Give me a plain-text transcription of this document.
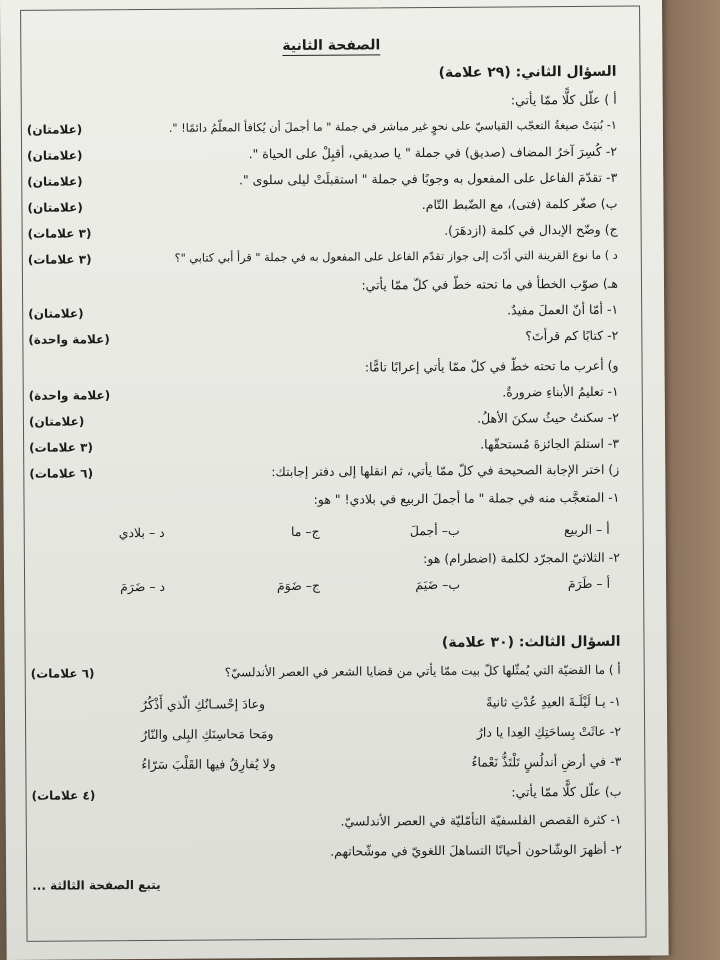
الصفحة الثانية
السؤال الثاني: (٢٩ علامة)
أ ) علّل كلًّا ممّا يأتي:
١- بُنيَتْ صيغةُ التعجّب القياسيّ على نحوٍ غير مباشر في جملة " ما أجملَ أن يُكافأ المعلّمُ دائمًا! ".
(علامتان)
٢- كُسِرَ آخرُ المضاف (صديق) في جملة " يا صديقي، أقبِلْ على الحياة ".
(علامتان)
٣- تقدّمَ الفاعل على المفعول به وجوبًا في جملة " استقبلَتْ ليلى سلوى ".
(علامتان)
ب) صغّر كلمة (فتى)، مع الضّبط التّام.
(علامتان)
ج) وضّح الإبدال في كلمة (ازدهَرَ).
(٣ علامات)
د ) ما نوع القرينة التي أدّت إلى جواز تقدّم الفاعل على المفعول به في جملة " قرأ أبي كتابي "؟
(٣ علامات)
هـ) صوّب الخطأ في ما تحته خطّ في كلّ ممّا يأتي:
١- أمّا أنّ العملَ مفيدٌ.
(علامتان)
٢- كتابًا كم قرأتَ؟
(علامة واحدة)
و) أعرب ما تحته خطّ في كلّ ممّا يأتي إعرابًا تامًّا:
١- تعليمُ الأبناءِ ضرورةٌ.
(علامة واحدة)
٢- سكنتُ حيثُ سكنَ الأهلُ.
(علامتان)
٣- استلمَ الجائزةَ مُستحقّها.
(٣ علامات)
ز) اختر الإجابة الصحيحة في كلّ ممّا يأتي، ثم انقلها إلى دفتر إجابتك:
(٦ علامات)
١- المتعجَّب منه في جملة " ما أجملَ الربيع في بلادي! " هو:
أ – الربيع
ب– أجملَ
ج– ما
د – بلادي
٢- الثلاثيّ المجرّد لكلمة (اضطرام) هو:
أ – طَرَمَ
ب– ضَيَمَ
ج– ضَوَمَ
د – ضَرَمَ
السؤال الثالث: (٣٠ علامة)
أ ) ما القضيّة التي يُمثّلها كلّ بيت ممّا يأتي من قضايا الشعر في العصر الأندلسيّ؟
(٦ علامات)
١- يـا لَيْلَـةَ العيدِ عُدْتِ ثانيةً
وعادَ إحْسـانُكِ الّذي أَذْكُرُ
٢- عاثَتْ بِساحَتِكِ العِدا يا دارُ
ومَحا مَحاسِنَكِ البِلى والنّارُ
٣- في أرضِ أندلُسٍ تَلْتَذُّ نَعْماءُ
ولا يُفارِقُ فيها القَلْبَ سَرّاءُ
ب) علّل كلًّا ممّا يأتي:
(٤ علامات)
١- كثرة القصص الفلسفيّة التأمّليّة في العصر الأندلسيّ.
٢- أظهرَ الوشّاحون أحيانًا التساهلَ اللغويّ في موشّحاتهم.
يتبع الصفحة الثالثة ...
